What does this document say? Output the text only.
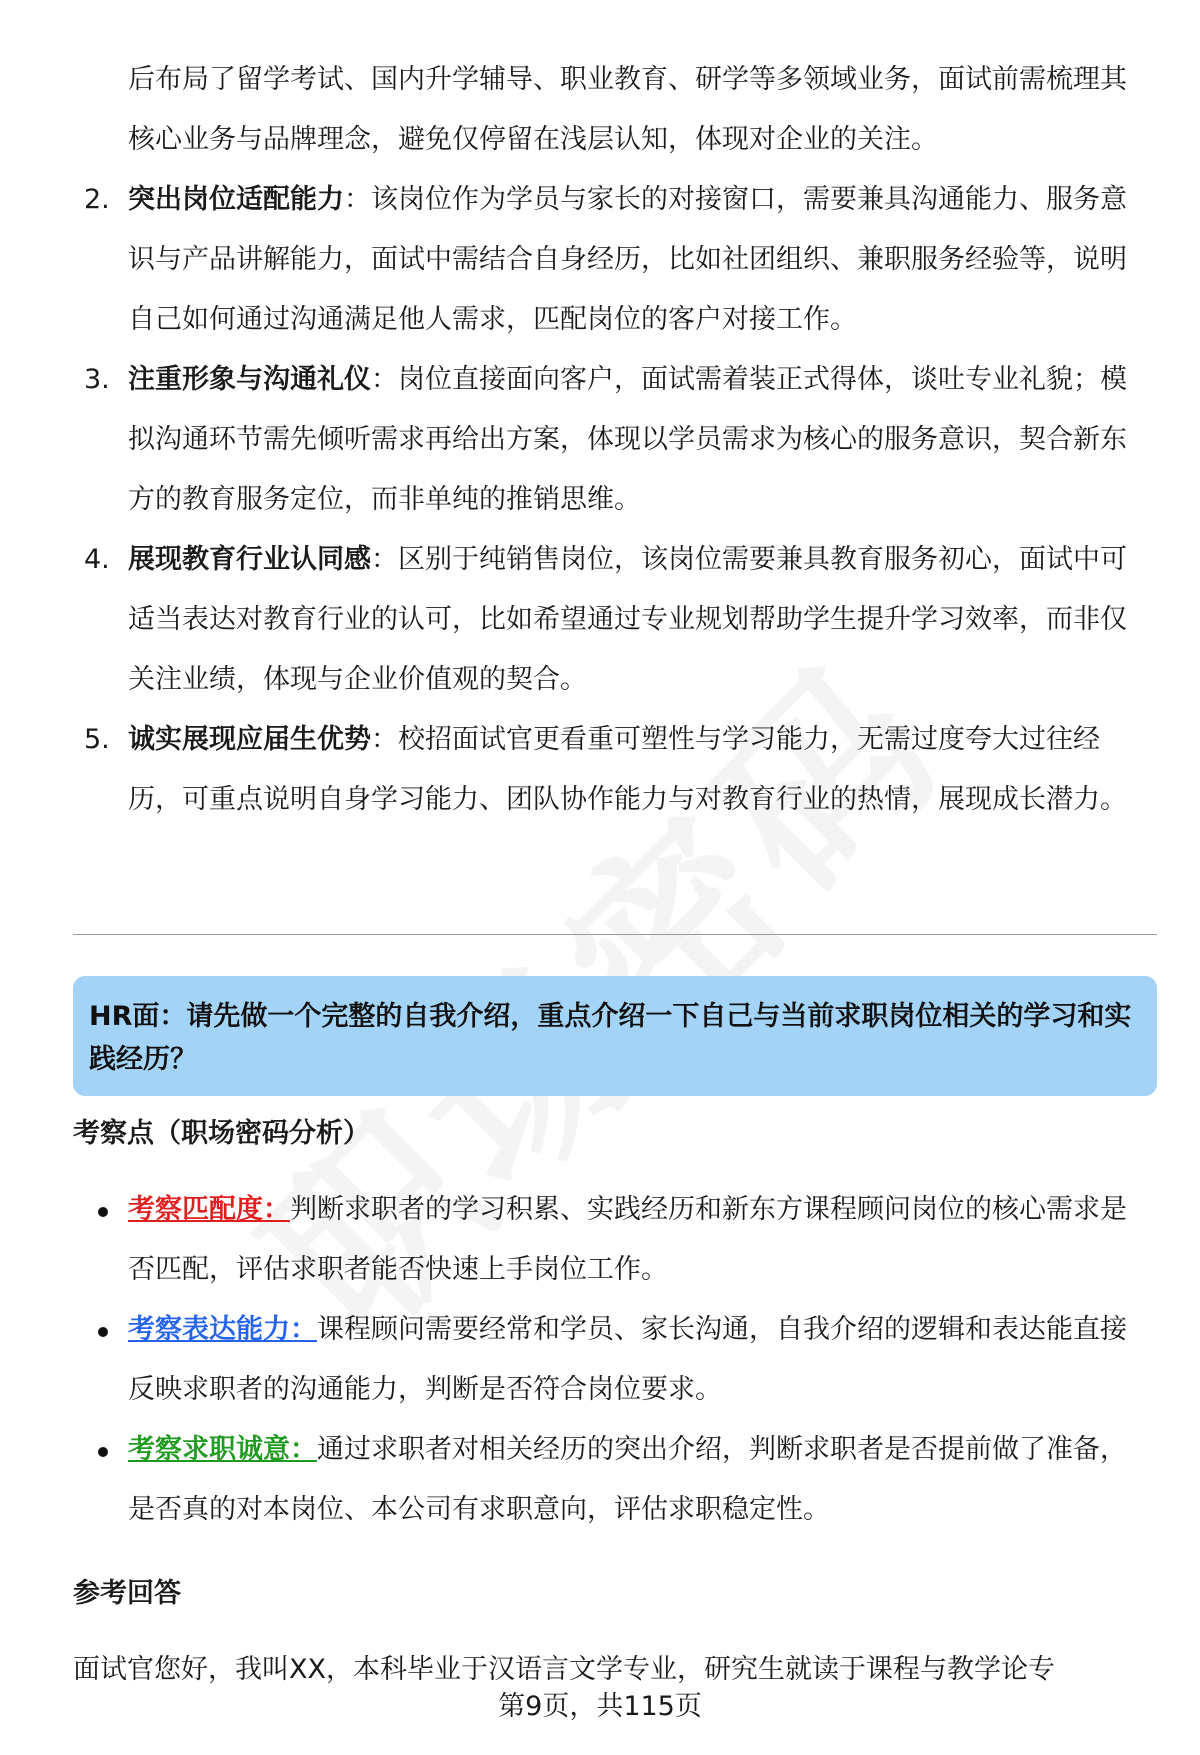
后布局了留学考试、国内升学辅导、职业教育、研学等多领域业务，面试前需梳理其核心业务与品牌理念，避免仅停留在浅层认知，体现对企业的关注。
2. 突出岗位适配能力：该岗位作为学员与家长的对接窗口，需要兼具沟通能力、服务意识与产品讲解能力，面试中需结合自身经历，比如社团组织、兼职服务经验等，说明自己如何通过沟通满足他人需求，匹配岗位的客户对接工作。
3. 注重形象与沟通礼仪：岗位直接面向客户，面试需着装正式得体，谈吐专业礼貌；模拟沟通环节需先倾听需求再给出方案，体现以学员需求为核心的服务意识，契合新东方的教育服务定位，而非单纯的推销思维。
4. 展现教育行业认同感：区别于纯销售岗位，该岗位需要兼具教育服务初心，面试中可适当表达对教育行业的认可，比如希望通过专业规划帮助学生提升学习效率，而非仅关注业绩，体现与企业价值观的契合。
5. 诚实展现应届生优势：校招面试官更看重可塑性与学习能力，无需过度夸大过往经历，可重点说明自身学习能力、团队协作能力与对教育行业的热情，展现成长潜力。
HR面：请先做一个完整的自我介绍，重点介绍一下自己与当前求职岗位相关的学习和实践经历？
考察点（职场密码分析）
考察匹配度：判断求职者的学习积累、实践经历和新东方课程顾问岗位的核心需求是否匹配，评估求职者能否快速上手岗位工作。
考察表达能力：课程顾问需要经常和学员、家长沟通，自我介绍的逻辑和表达能直接反映求职者的沟通能力，判断是否符合岗位要求。
考察求职诚意：通过求职者对相关经历的突出介绍，判断求职者是否提前做了准备，是否真的对本岗位、本公司有求职意向，评估求职稳定性。
参考回答
面试官您好，我叫XX，本科毕业于汉语言文学专业，研究生就读于课程与教学论专
第9页，共115页
